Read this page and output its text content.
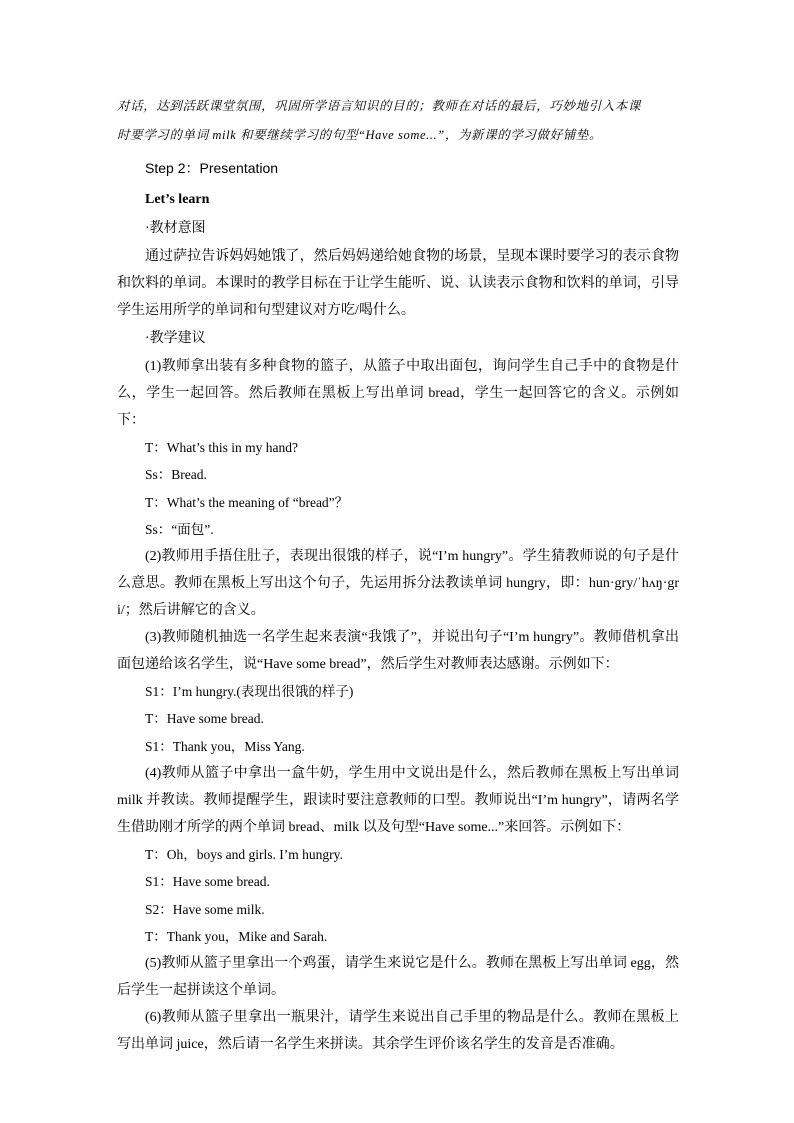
对话，达到活跃课堂氛围，巩固所学语言知识的目的；教师在对话的最后，巧妙地引入本课

时要学习的单词 milk 和要继续学习的句型“Have some...”，为新课的学习做好铺垫。

Step 2：Presentation

Let’s learn

·教材意图

通过萨拉告诉妈妈她饿了，然后妈妈递给她食物的场景，呈现本课时要学习的表示食物和饮料的单词。本课时的教学目标在于让学生能听、说、认读表示食物和饮料的单词，引导学生运用所学的单词和句型建议对方吃/喝什么。

·教学建议

(1)教师拿出装有多种食物的篮子，从篮子中取出面包，询问学生自己手中的食物是什么，学生一起回答。然后教师在黑板上写出单词 bread，学生一起回答它的含义。示例如下：

T：What’s this in my hand?

Ss：Bread.

T：What’s the meaning of “bread”？

Ss：“面包”.

(2)教师用手捂住肚子，表现出很饿的样子，说“I’m hungry”。学生猜教师说的句子是什么意思。教师在黑板上写出这个句子，先运用拆分法教读单词 hungry，即：hun·gry/ˈhʌŋ·gri/；然后讲解它的含义。

(3)教师随机抽选一名学生起来表演“我饿了”，并说出句子“I’m hungry”。教师借机拿出面包递给该名学生，说“Have some bread”，然后学生对教师表达感谢。示例如下：

S1：I’m hungry.(表现出很饿的样子)

T：Have some bread.

S1：Thank you，Miss Yang.

(4)教师从篮子中拿出一盒牛奶，学生用中文说出是什么，然后教师在黑板上写出单词 milk 并教读。教师提醒学生，跟读时要注意教师的口型。教师说出“I’m hungry”，请两名学生借助刚才所学的两个单词 bread、milk 以及句型“Have some...”来回答。示例如下：

T：Oh，boys and girls. I’m hungry.

S1：Have some bread.

S2：Have some milk.

T：Thank you，Mike and Sarah.

(5)教师从篮子里拿出一个鸡蛋，请学生来说它是什么。教师在黑板上写出单词 egg，然后学生一起拼读这个单词。

(6)教师从篮子里拿出一瓶果汁，请学生来说出自己手里的物品是什么。教师在黑板上写出单词 juice，然后请一名学生来拼读。其余学生评价该名学生的发音是否准确。
